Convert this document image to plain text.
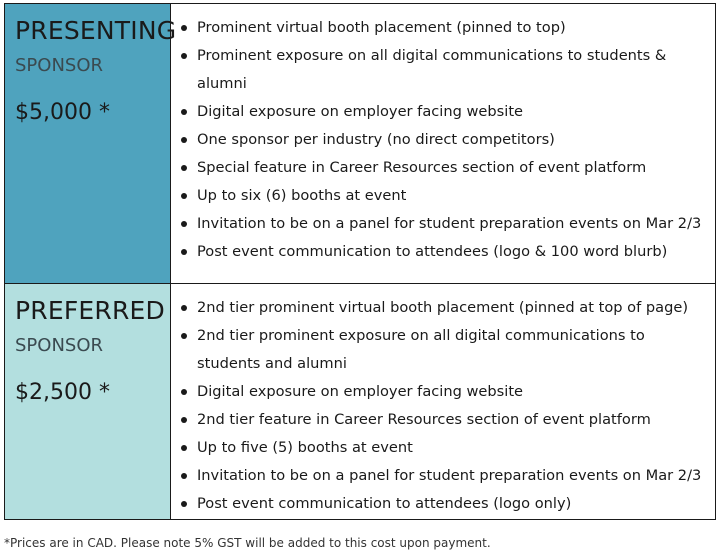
PRESENTING
SPONSOR
$5,000 *
Prominent virtual booth placement (pinned to top)
Prominent exposure on all digital communications to students &
alumni
Digital exposure on employer facing website
One sponsor per industry (no direct competitors)
Special feature in Career Resources section of event platform
Up to six (6) booths at event
Invitation to be on a panel for student preparation events on Mar 2/3
Post event communication to attendees (logo & 100 word blurb)
PREFERRED
SPONSOR
$2,500 *
2nd tier prominent virtual booth placement (pinned at top of page)
2nd tier prominent exposure on all digital communications to
students and alumni
Digital exposure on employer facing website
2nd tier feature in Career Resources section of event platform
Up to five (5) booths at event
Invitation to be on a panel for student preparation events on Mar 2/3
Post event communication to attendees (logo only)
*Prices are in CAD. Please note 5% GST will be added to this cost upon payment.
